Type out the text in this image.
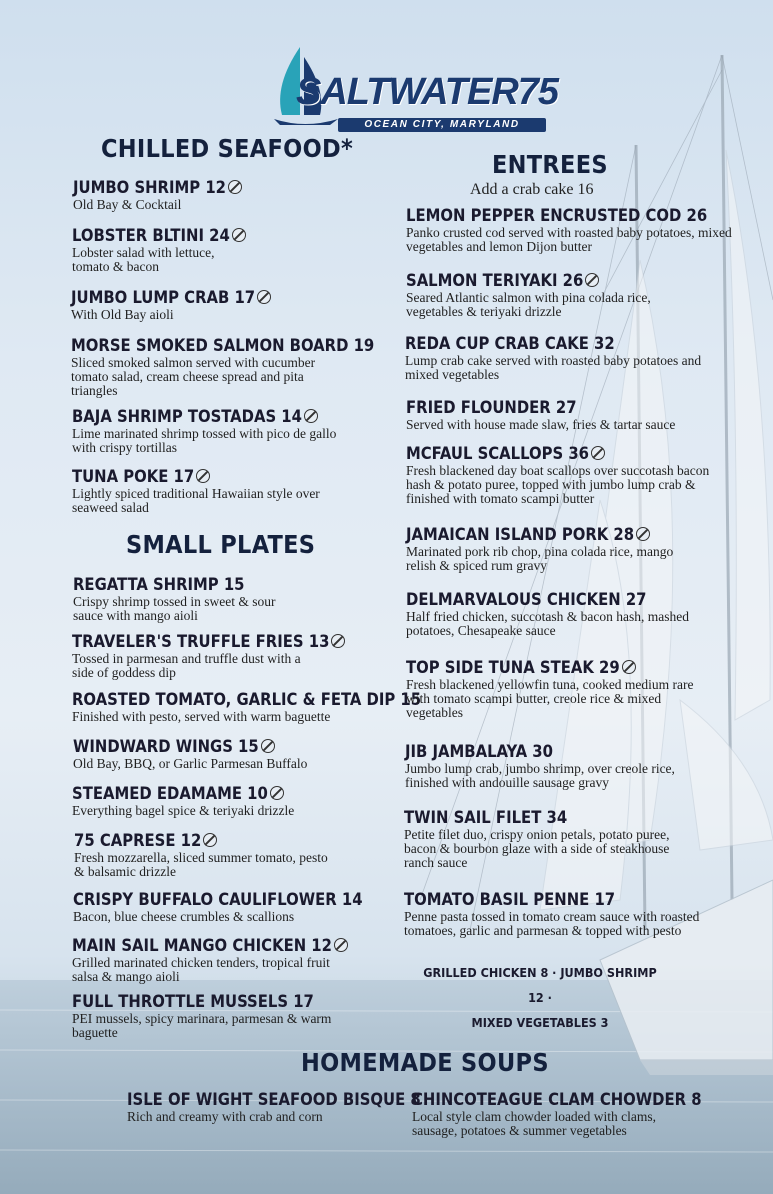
SALTWATER75
OCEAN CITY, MARYLAND
CHILLED SEAFOOD*
JUMBO SHRIMP 12
Old Bay & Cocktail
LOBSTER BLTINI 24
Lobster salad with lettuce, tomato & bacon
JUMBO LUMP CRAB 17
With Old Bay aioli
MORSE SMOKED SALMON BOARD 19
Sliced smoked salmon served with cucumber tomato salad, cream cheese spread and pita triangles
BAJA SHRIMP TOSTADAS 14
Lime marinated shrimp tossed with pico de gallo with crispy tortillas
TUNA POKE 17
Lightly spiced traditional Hawaiian style over seaweed salad
SMALL PLATES
REGATTA SHRIMP 15
Crispy shrimp tossed in sweet & sour sauce with mango aioli
TRAVELER'S TRUFFLE FRIES 13
Tossed in parmesan and truffle dust with a side of goddess dip
ROASTED TOMATO, GARLIC & FETA DIP 15
Finished with pesto, served with warm baguette
WINDWARD WINGS 15
Old Bay, BBQ, or Garlic Parmesan Buffalo
STEAMED EDAMAME 10
Everything bagel spice & teriyaki drizzle
75 CAPRESE 12
Fresh mozzarella, sliced summer tomato, pesto & balsamic drizzle
CRISPY BUFFALO CAULIFLOWER 14
Bacon, blue cheese crumbles & scallions
MAIN SAIL MANGO CHICKEN 12
Grilled marinated chicken tenders, tropical fruit salsa & mango aioli
FULL THROTTLE MUSSELS 17
PEI mussels, spicy marinara, parmesan & warm baguette
ENTREES
Add a crab cake 16
LEMON PEPPER ENCRUSTED COD 26
Panko crusted cod served with roasted baby potatoes, mixed vegetables and lemon Dijon butter
SALMON TERIYAKI 26
Seared Atlantic salmon with pina colada rice, vegetables & teriyaki drizzle
REDA CUP CRAB CAKE 32
Lump crab cake served with roasted baby potatoes and mixed vegetables
FRIED FLOUNDER 27
Served with house made slaw, fries & tartar sauce
MCFAUL SCALLOPS 36
Fresh blackened day boat scallops over succotash bacon hash & potato puree, topped with jumbo lump crab & finished with tomato scampi butter
JAMAICAN ISLAND PORK 28
Marinated pork rib chop, pina colada rice, mango relish & spiced rum gravy
DELMARVALOUS CHICKEN 27
Half fried chicken, succotash & bacon hash, mashed potatoes, Chesapeake sauce
TOP SIDE TUNA STEAK 29
Fresh blackened yellowfin tuna, cooked medium rare with tomato scampi butter, creole rice & mixed vegetables
JIB JAMBALAYA 30
Jumbo lump crab, jumbo shrimp, over creole rice, finished with andouille sausage gravy
TWIN SAIL FILET 34
Petite filet duo, crispy onion petals, potato puree, bacon & bourbon glaze with a side of steakhouse ranch sauce
TOMATO BASIL PENNE 17
Penne pasta tossed in tomato cream sauce with roasted tomatoes, garlic and parmesan & topped with pesto
GRILLED CHICKEN 8 · JUMBO SHRIMP 12 ·
MIXED VEGETABLES 3
HOMEMADE SOUPS
ISLE OF WIGHT SEAFOOD BISQUE 8
Rich and creamy with crab and corn
CHINCOTEAGUE CLAM CHOWDER 8
Local style clam chowder loaded with clams, sausage, potatoes & summer vegetables
